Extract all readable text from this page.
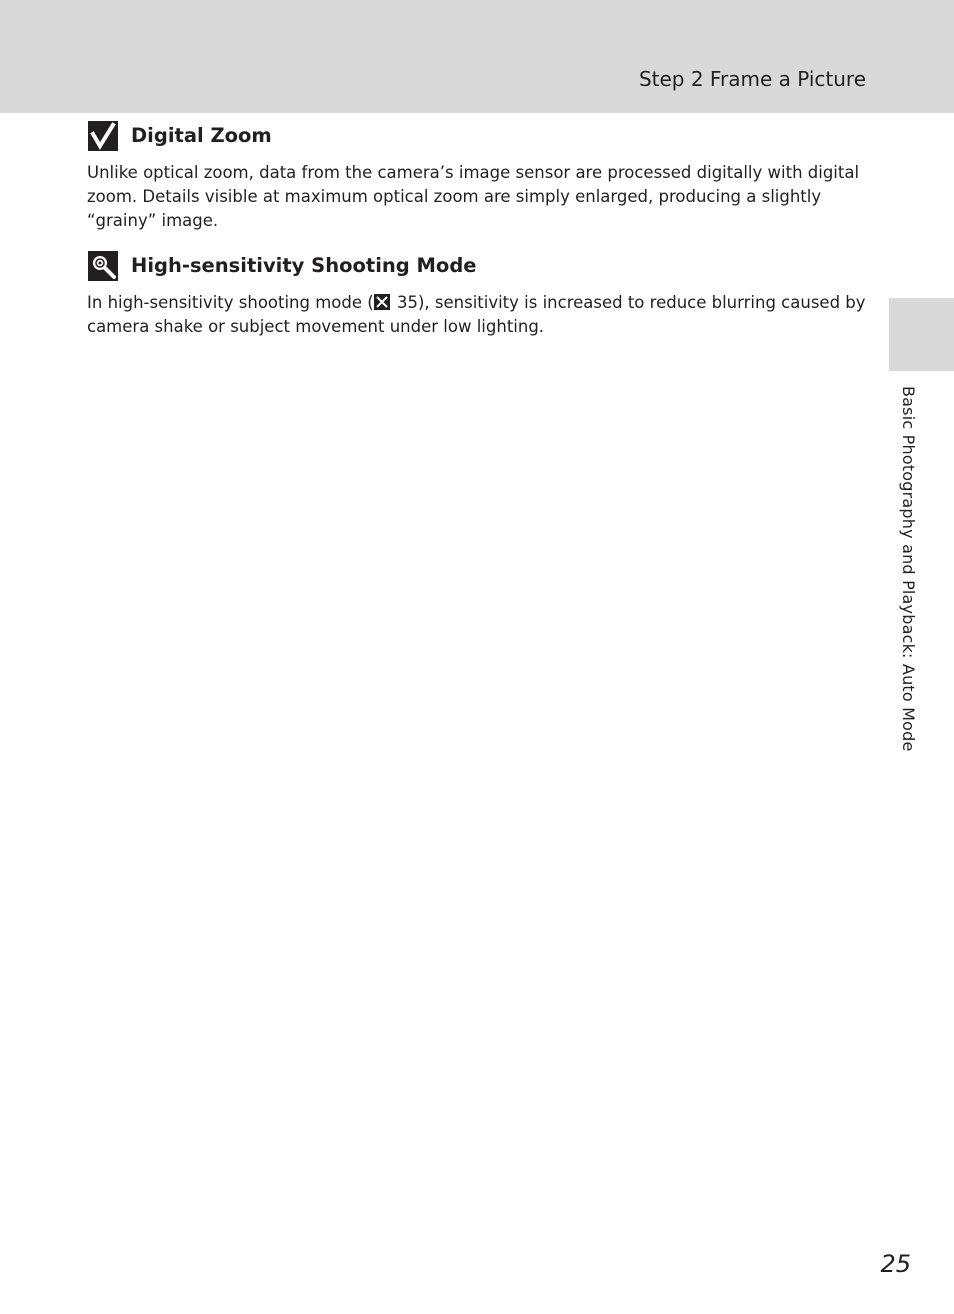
Step 2 Frame a Picture
Digital Zoom

Unlike optical zoom, data from the camera’s image sensor are processed digitally with digital zoom. Details visible at maximum optical zoom are simply enlarged, producing a slightly “grainy” image.

High-sensitivity Shooting Mode

In high-sensitivity shooting mode ( 35), sensitivity is increased to reduce blurring caused by camera shake or subject movement under low lighting.

Basic Photography and Playback: Auto Mode
25
